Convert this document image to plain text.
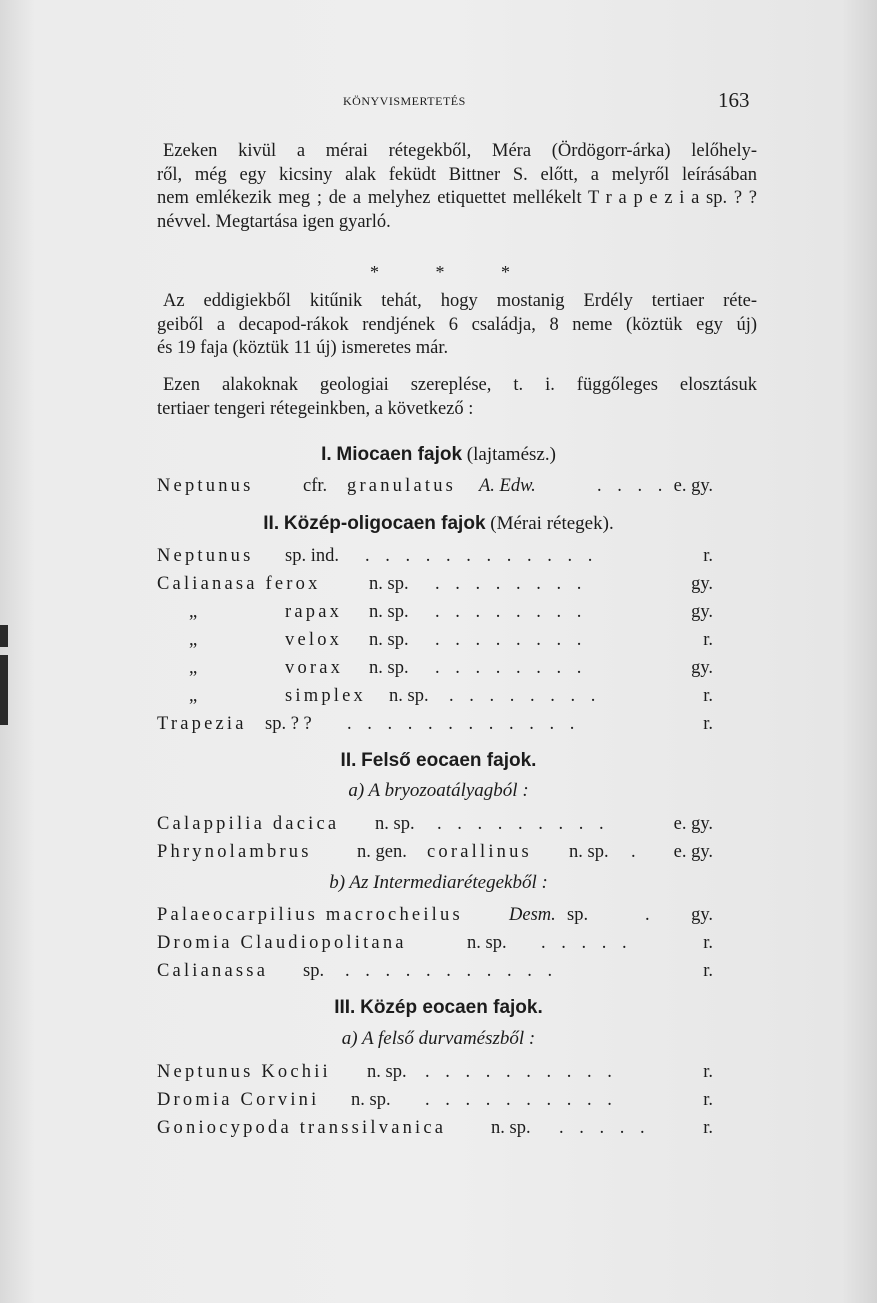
KÖNYVISMERTETÉS	163

Ezeken kivül a mérai rétegekből, Méra (Ördögorr-árka) lelőhely-
ről, még egy kicsiny alak feküdt Bittner S. előtt, a melyről leírásában
nem emlékezik meg ; de a melyhez etiquettet mellékelt T r a p e z i a sp. ? ?
névvel. Megtartása igen gyarló.

* * *

Az eddigiekből kitűnik tehát, hogy mostanig Erdély tertiaer réte-
geiből a decapod-rákok rendjének 6 családja, 8 neme (köztük egy új)
és 19 faja (köztük 11 új) ismeretes már.

Ezen alakoknak geologiai szereplése, t. i. függőleges elosztásuk
tertiaer tengeri rétegeinkben, a következő :

I. Miocaen fajok (lajtamész.)
Neptunus	cfr. granulatus A. Edw.	. . . . e. gy.
II. Közép-oligocaen fajok (Mérai rétegek).
Neptunus sp. ind. . . . . . . . . . . . .	r.
Calianasa ferox	n. sp. . . . . . . . .	gy.
„	rapax n. sp. . . . . . . . .	gy.
„	velox n. sp. . . . . . . . .	r.
„	vorax n. sp. . . . . . . . .	gy.
„	simplex n. sp. . . . . . . . .	r.
Trapezia sp. ? ? . . . . . . . . . . . .	r.
II. Felső eocaen fajok.
a) A bryozoatályagból :
Calappilia dacica n. sp. . . . . . . . . .	e. gy.
Phrynolambrus n. gen. corallinus n. sp. . e. gy.
b) Az Intermediarétegekből :
Palaeocarpilius macrocheilus Desm. sp.	. gy.
Dromia Claudiopolitana	n. sp. . . . . .	r.
Calianassa sp. . . . . . . . . . . .	r.
III. Közép eocaen fajok.
a) A felső durvamészből :
Neptunus Kochii n. sp. . . . . . . . . . .	r.
Dromia Corvini n. sp. . . . . . . . . . .	r.
Goniocypoda transsilvanica n. sp. . . . . .	r.
